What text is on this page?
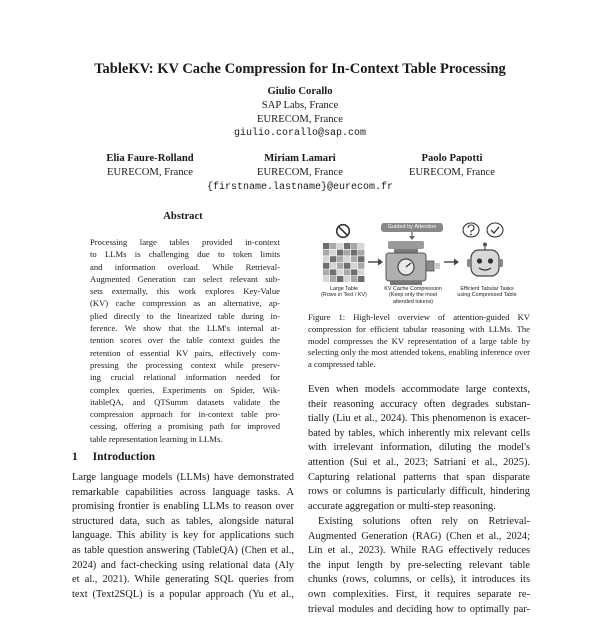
TableKV: KV Cache Compression for In-Context Table Processing
Giulio Corallo
SAP Labs, France
EURECOM, France
giulio.corallo@sap.com
Elia Faure-Rolland
EURECOM, France
Miriam Lamari
EURECOM, France
Paolo Papotti
EURECOM, France
{firstname.lastname}@eurecom.fr
Abstract
Processing large tables provided in-context
to LLMs is challenging due to token limits
and information overload. While Retrieval-
Augmented Generation can select relevant sub-
sets externally, this work explores Key-Value
(KV) cache compression as an alternative, ap-
plied directly to the linearized table during in-
ference. We show that the LLM's internal at-
tention scores over the table context guides the
retention of essential KV pairs, effectively com-
pressing the processing context while preserv-
ing crucial relational information needed for
complex queries. Experiments on Spider, Wik-
itableQA, and QTSumm datasets validate the
compression approach for in-context table pro-
cessing, offering a promising path for improved
table representation learning in LLMs.
1 Introduction
Large language models (LLMs) have demonstrated
remarkable capabilities across language tasks. A
promising frontier is enabling LLMs to reason over
structured data, such as tables, alongside natural
language. This ability is key for applications such
as table question answering (TableQA) (Chen et al.,
2024) and fact-checking using relational data (Aly
et al., 2021). While generating SQL queries from
text (Text2SQL) is a popular approach (Yu et al.,
Guided by Attention
Large Table
(Rows in Text / KV)
KV Cache Compression
(Keep only the most attended tokens)
Efficient Tabular Tasks using Compressed Table
Figure 1: High-level overview of attention-guided KV compression for efficient tabular reasoning with LLMs. The model compresses the KV representation of a large table by selecting only the most attended tokens, enabling inference over a compressed table.
Even when models accommodate large contexts,
their reasoning accuracy often degrades substan-
tially (Liu et al., 2024). This phenomenon is exacer-
bated by tables, which inherently mix relevant cells
with irrelevant information, diluting the model's
attention (Sui et al., 2023; Satriani et al., 2025).
Capturing relational patterns that span disparate
rows or columns is particularly difficult, hindering
accurate aggregation or multi-step reasoning.
Existing solutions often rely on Retrieval-
Augmented Generation (RAG) (Chen et al., 2024;
Lin et al., 2023). While RAG effectively reduces
the input length by pre-selecting relevant table
chunks (rows, columns, or cells), it introduces its
own complexities. First, it requires separate re-
trieval modules and deciding how to optimally par-
